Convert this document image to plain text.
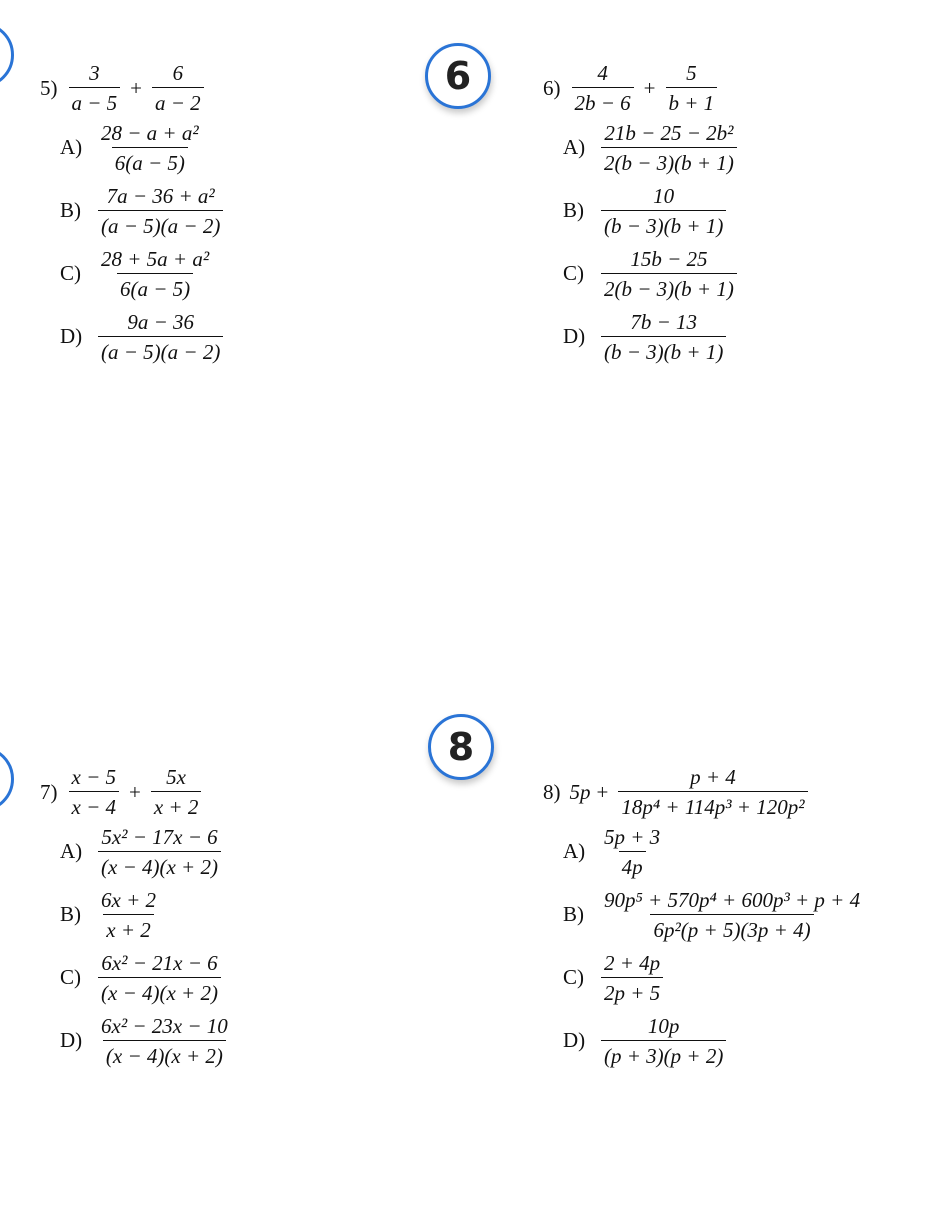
6
8
$5) \frac{3}{a - 5} + \frac{6}{a - 2}$
$A) \frac{\text{28 − a + a²}}{6(a - 5)}$
$B) \frac{\text{7a − 36 + a²}}{(a - 5)(a - 2)}$
$C) \frac{\text{28 + 5a + a²}}{6(a - 5)}$
$D) \frac{9a - 36}{(a - 5)(a - 2)}$
$6) \frac{4}{2b - 6} + \frac{5}{b + 1}$
$A) \frac{\text{21b − 25 − 2b²}}{2(b - 3)(b + 1)}$
$B) \frac{10}{(b - 3)(b + 1)}$
$C) \frac{15b - 25}{2(b - 3)(b + 1)}$
$D) \frac{7b - 13}{(b - 3)(b + 1)}$
$7) \frac{x - 5}{x - 4} + \frac{5x}{x + 2}$
$A) \frac{\text{5x² − 17x − 6}}{(x - 4)(x + 2)}$
$B) \frac{6x + 2}{x + 2}$
$C) \frac{\text{6x² − 21x − 6}}{(x - 4)(x + 2)}$
$D) \frac{\text{6x² − 23x − 10}}{(x - 4)(x + 2)}$
8) $5p + \frac{p + 4}{\text{18p⁴ + 114p³ + 120p²}}$
$A) \frac{5p + 3}{4p}$
$B) \frac{\text{90p⁵ + 570p⁴ + 600p³ + p + 4}}{\text{6p²(p + 5)(3p + 4)}}$
$C) \frac{2 + 4p}{2p + 5}$
$D) \frac{10p}{(p + 3)(p + 2)}$
